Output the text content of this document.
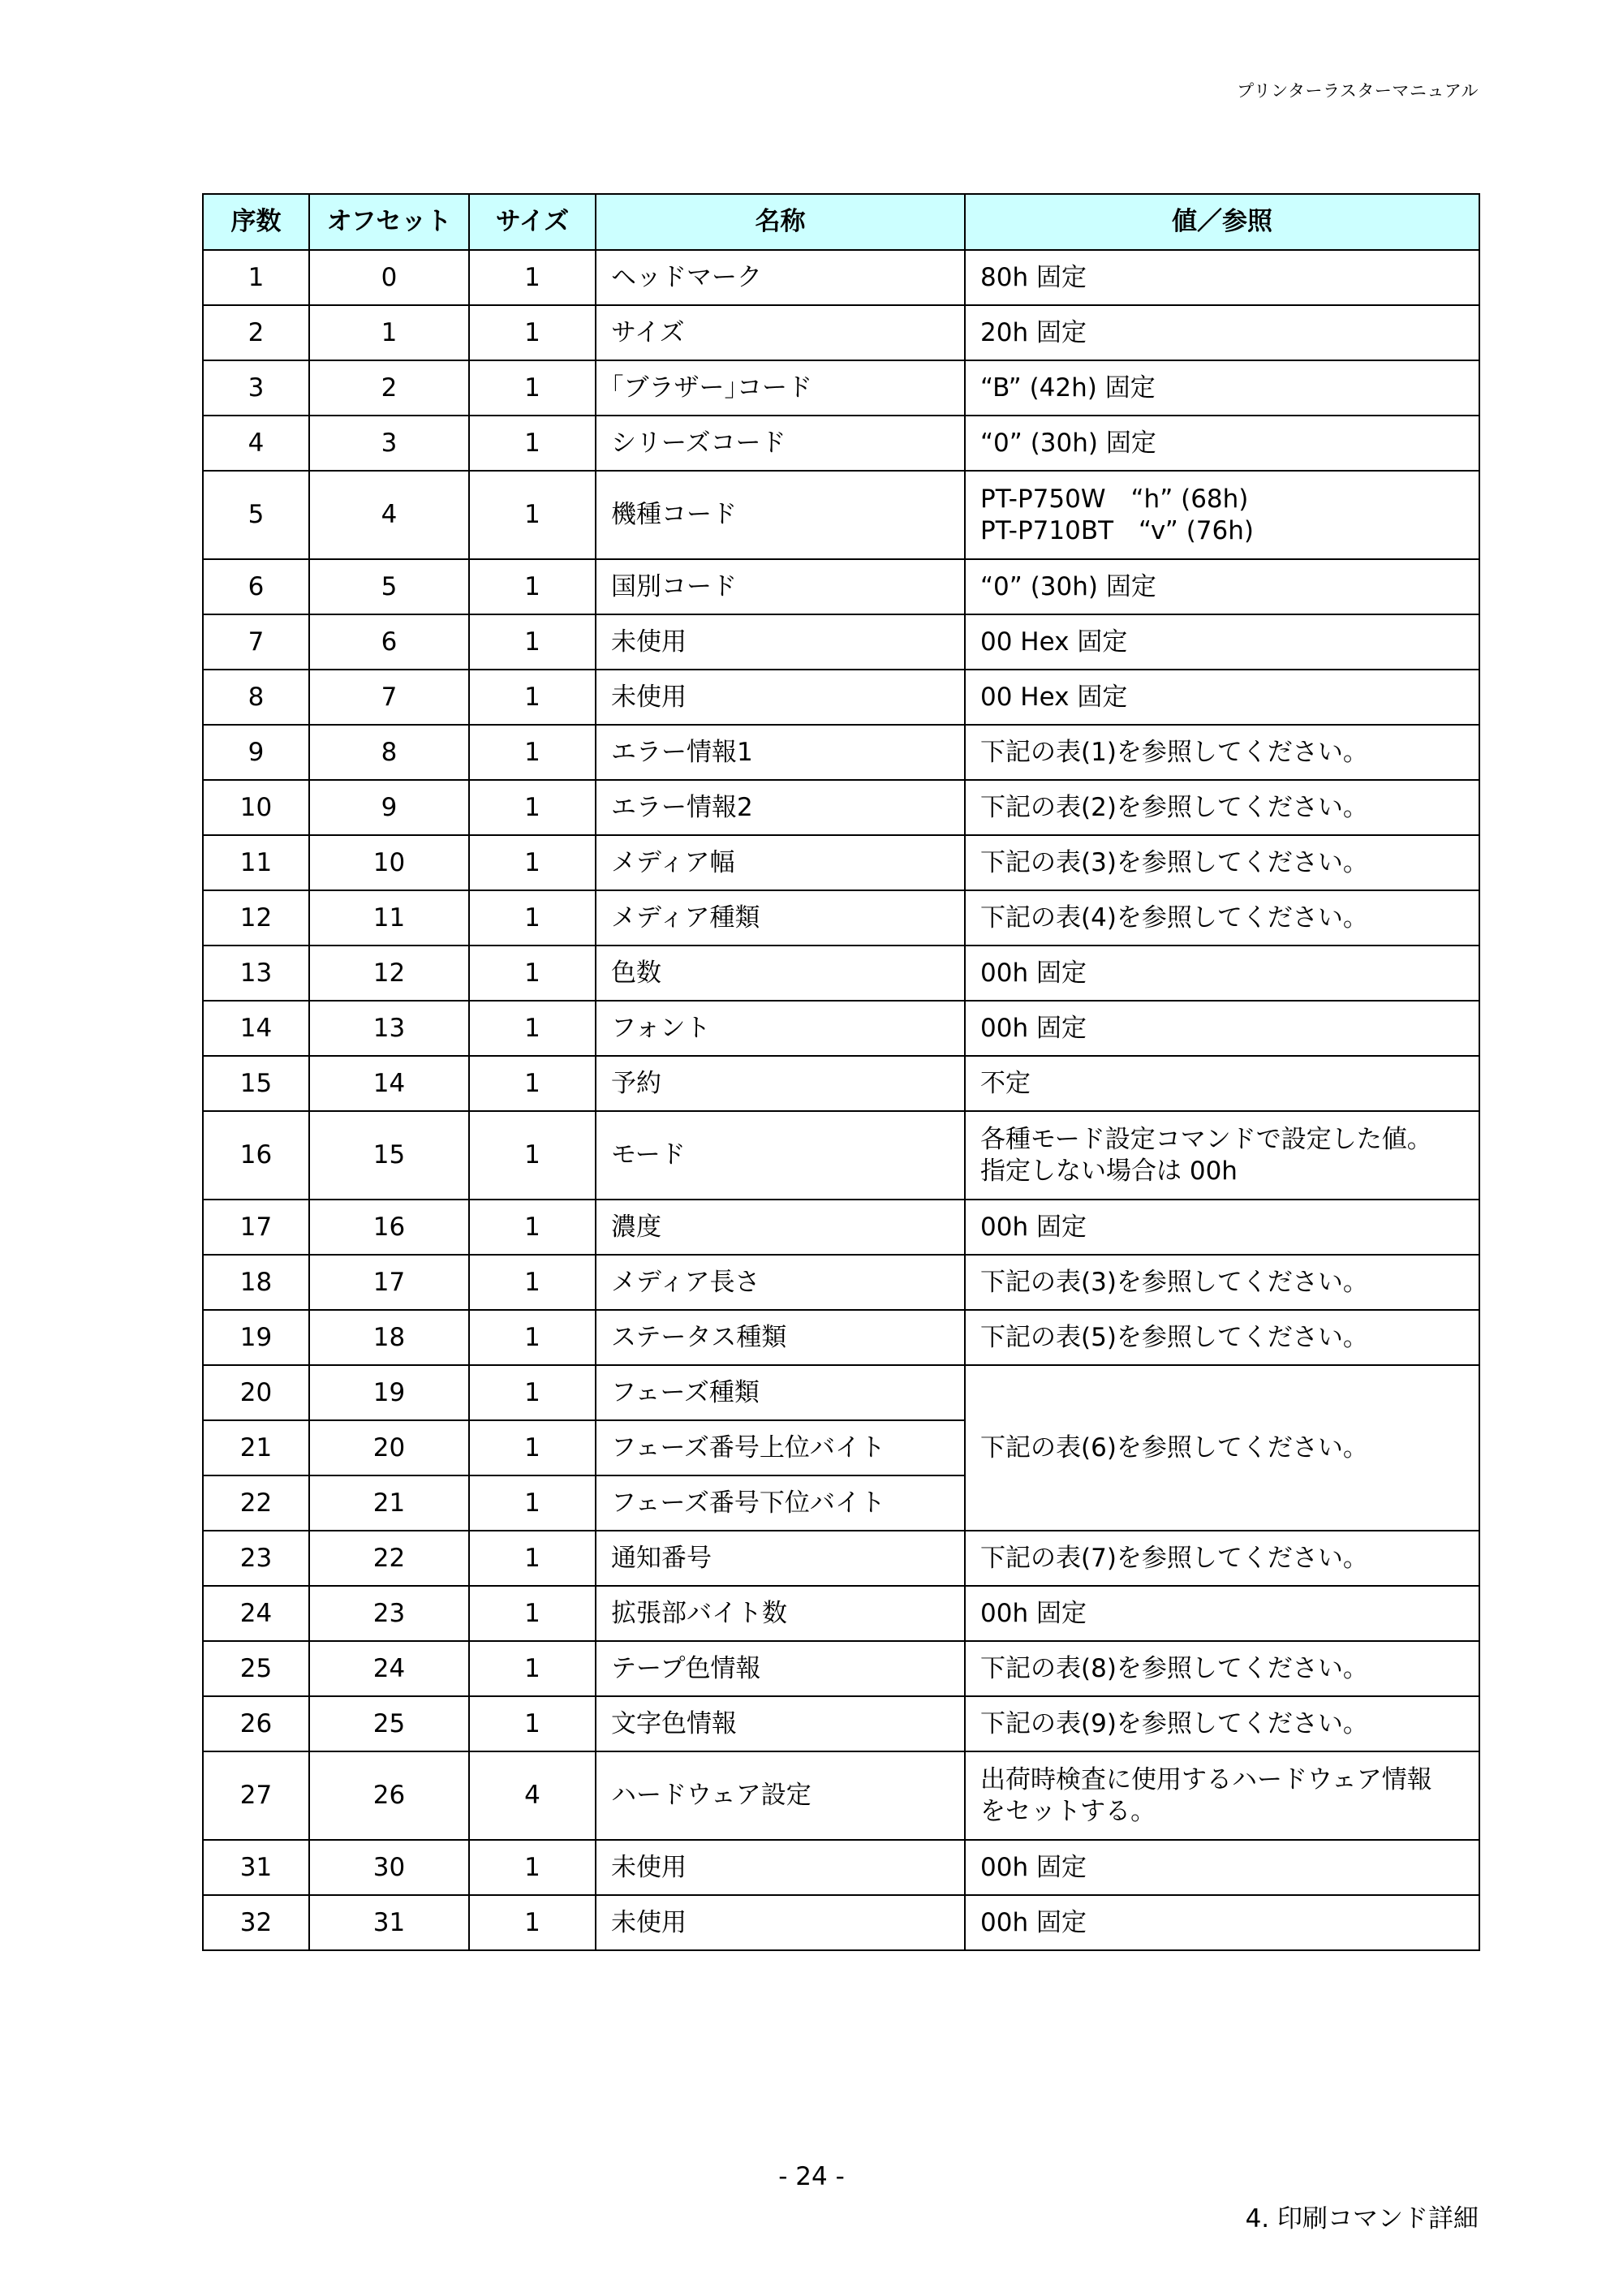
プリンターラスターマニュアル
序数	オフセット	サイズ	名称	値／参照
1	0	1	ヘッドマーク	80h 固定
2	1	1	サイズ	20h 固定
3	2	1	｢ブラザー｣コード	“B” (42h) 固定
4	3	1	シリーズコード	“0” (30h) 固定
5	4	1	機種コード	PT-P750W　“h” (68h)
PT-P710BT　“v” (76h)
6	5	1	国別コード	“0” (30h) 固定
7	6	1	未使用	00 Hex 固定
8	7	1	未使用	00 Hex 固定
9	8	1	エラー情報1	下記の表(1)を参照してください。
10	9	1	エラー情報2	下記の表(2)を参照してください。
11	10	1	メディア幅	下記の表(3)を参照してください。
12	11	1	メディア種類	下記の表(4)を参照してください。
13	12	1	色数	00h 固定
14	13	1	フォント	00h 固定
15	14	1	予約	不定
16	15	1	モード	各種モード設定コマンドで設定した値。
指定しない場合は 00h
17	16	1	濃度	00h 固定
18	17	1	メディア長さ	下記の表(3)を参照してください。
19	18	1	ステータス種類	下記の表(5)を参照してください。
20	19	1	フェーズ種類	下記の表(6)を参照してください。
21	20	1	フェーズ番号上位バイト	
22	21	1	フェーズ番号下位バイト	
23	22	1	通知番号	下記の表(7)を参照してください。
24	23	1	拡張部バイト数	00h 固定
25	24	1	テープ色情報	下記の表(8)を参照してください。
26	25	1	文字色情報	下記の表(9)を参照してください。
27	26	4	ハードウェア設定	出荷時検査に使用するハードウェア情報
をセットする。
31	30	1	未使用	00h 固定
32	31	1	未使用	00h 固定
- 24 -
4. 印刷コマンド詳細
